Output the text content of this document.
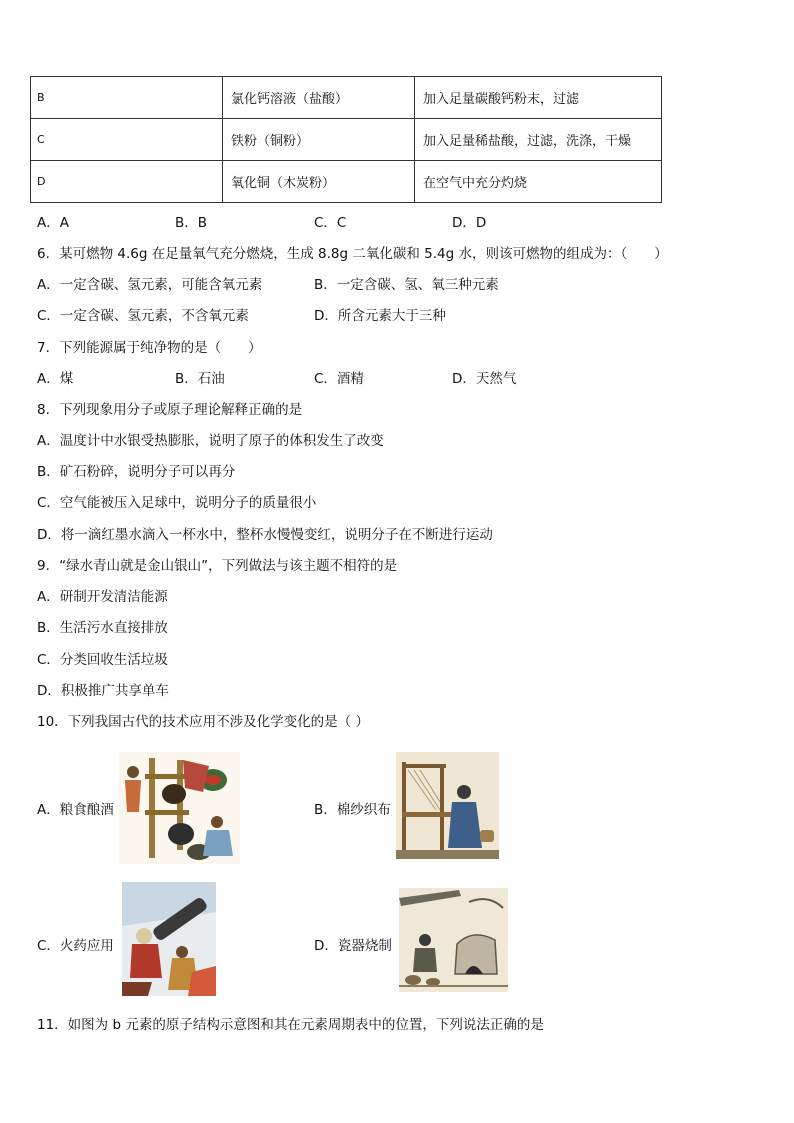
B	氯化钙溶液（盐酸）	加入足量碳酸钙粉末，过滤
C	铁粉（铜粉）	加入足量稀盐酸，过滤，洗涤，干燥
D	氧化铜（木炭粉）	在空气中充分灼烧
A．A	B．B	C．C	D．D
6．某可燃物 4.6g 在足量氧气充分燃烧，生成 8.8g 二氧化碳和 5.4g 水，则该可燃物的组成为：（　　）
A．一定含碳、氢元素，可能含氧元素	B．一定含碳、氢、氧三种元素
C．一定含碳、氢元素，不含氧元素	D．所含元素大于三种
7．下列能源属于纯净物的是（　　）
A．煤	B．石油	C．酒精	D．天然气
8．下列现象用分子或原子理论解释正确的是
A．温度计中水银受热膨胀，说明了原子的体积发生了改变
B．矿石粉碎，说明分子可以再分
C．空气能被压入足球中，说明分子的质量很小
D．将一滴红墨水滴入一杯水中，整杯水慢慢变红，说明分子在不断进行运动
9．“绿水青山就是金山银山”，下列做法与该主题不相符的是
A．研制开发清洁能源
B．生活污水直接排放
C．分类回收生活垃圾
D．积极推广共享单车
10．下列我国古代的技术应用不涉及化学变化的是（ ）
A．粮食酿酒	B．棉纱织布
C．火药应用	D．瓷器烧制
11．如图为 b 元素的原子结构示意图和其在元素周期表中的位置，下列说法正确的是
